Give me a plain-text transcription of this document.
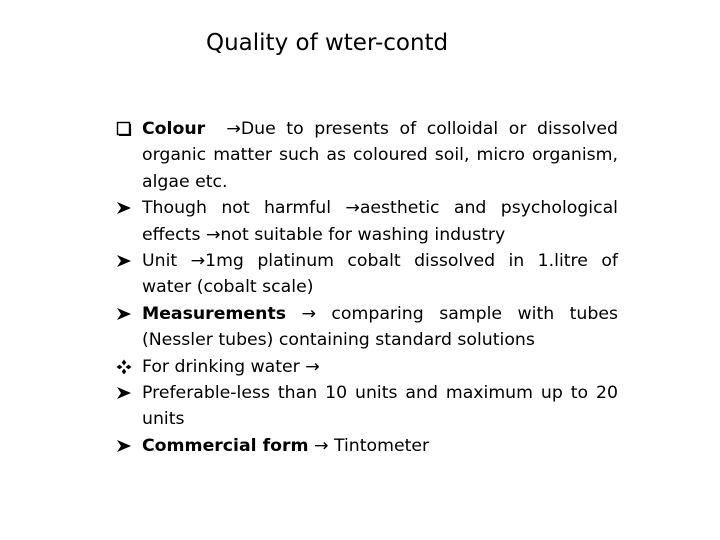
Quality of wter-contd
Colour  →Due to presents of colloidal or dissolved
organic matter such as coloured soil, micro organism,
algae etc.
Though not harmful →aesthetic and psychological
effects →not suitable for washing industry
Unit →1mg platinum cobalt dissolved in 1.litre of
water (cobalt scale)
Measurements → comparing sample with tubes
(Nessler tubes) containing standard solutions
For drinking water →
Preferable-less than 10 units and maximum up to 20
units
Commercial form → Tintometer
